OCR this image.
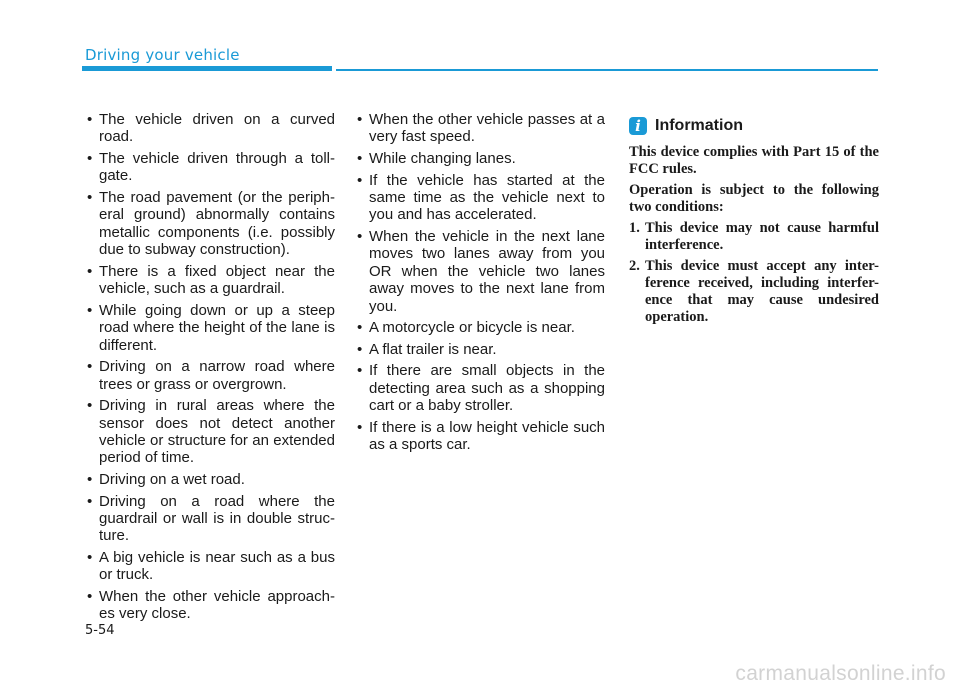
Driving your vehicle
• The vehicle driven on a curved road.
• The vehicle driven through a toll-gate.
• The road pavement (or the periph-eral ground) abnormally contains metallic components (i.e. possibly due to subway construction).
• There is a fixed object near the vehicle, such as a guardrail.
• While going down or up a steep road where the height of the lane is different.
• Driving on a narrow road where trees or grass or overgrown.
• Driving in rural areas where the sensor does not detect another vehicle or structure for an extended period of time.
• Driving on a wet road.
• Driving on a road where the guardrail or wall is in double struc-ture.
• A big vehicle is near such as a bus or truck.
• When the other vehicle approach-es very close.
• When the other vehicle passes at a very fast speed.
• While changing lanes.
• If the vehicle has started at the same time as the vehicle next to you and has accelerated.
• When the vehicle in the next lane moves two lanes away from you OR when the vehicle two lanes away moves to the next lane from you.
• A motorcycle or bicycle is near.
• A flat trailer is near.
• If there are small objects in the detecting area such as a shopping cart or a baby stroller.
• If there is a low height vehicle such as a sports car.
i Information

This device complies with Part 15 of the FCC rules.

Operation is subject to the following two conditions:

1. This device may not cause harmful interference.
2. This device must accept any inter-ference received, including interfer-ence that may cause undesired operation.
5-54
carmanualsonline.info
